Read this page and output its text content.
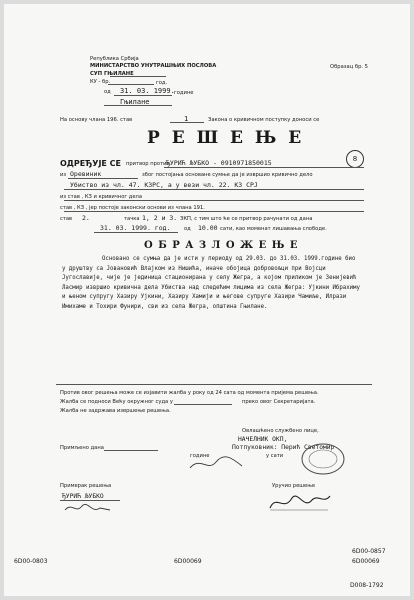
Република Србија
МИНИСТАРСТВО УНУТРАШЊИХ ПОСЛОВА
СУП ГЊИЛАНЕ
КУ - бр.	год.
од 31. 03. 1999. године
Гњилане
Образац бр. 5
На основу члана 196. став	1	Закона о кривичном поступку доноси се
8
Р Е Ш Е Њ Е
ОДРЕЂУЈЕ СЕ притвор против
ЂУРИЋ ЉУБКО - 0910971850015
из Оревиник	због постојања основане сумње да је извршио кривично дело
Убиство из чл. 47. КЗРС, а у вези чл. 22. КЗ СРЈ
из став , КЗ и кривичног дела
став , КЗ , јер постоје законски основи из члана 191.
став 2.	тачка 1, 2 и 3. ЗКП, с тим што ће се притвор рачунати од дана
31. 03. 1999. год.	од 10.00 сати, као моменат лишавања слободе.
О Б Р А З Л О Ж Е Њ Е
Основано се сумња да је исти у периоду од 29.03. до 31.03. 1999.године био у друштву са Јовановић Влајком из Нишића, иначе обојица добровољци при Војсци Југославије, чије је јединица стационирана у селу Жегра, а којом приликом је Зенијевић Ласмир извршио кривична дела Убиства над следећим лицима из села Жегра: Ујкини Ибрахиму и њеном супругу Хазиру Ујкини, Хазиру Хамији и његове супруге Хазири Чамиље, Илрази Имихаме и Тохири Фунири, сви из села Жегра, општина Гњилане.
Против овог решења може се изјавити жалба у року од 24 сата од момента пријема решења.
Жалба се подноси Већу окружног суда у	преко овог Секретаријата.
Жалба не задржава извршење решења.
Овлашћено службено лице,
НАЧЕЛНИК ОКП,
Примљено дана	Потпуковник: Перић Светомир
године	у сати
Примерак решења
ЂУРИЋ ЉУБКО
Уручио решење
6D00-0803	6D00069
6D00-0857
6D00069
D008-1792
